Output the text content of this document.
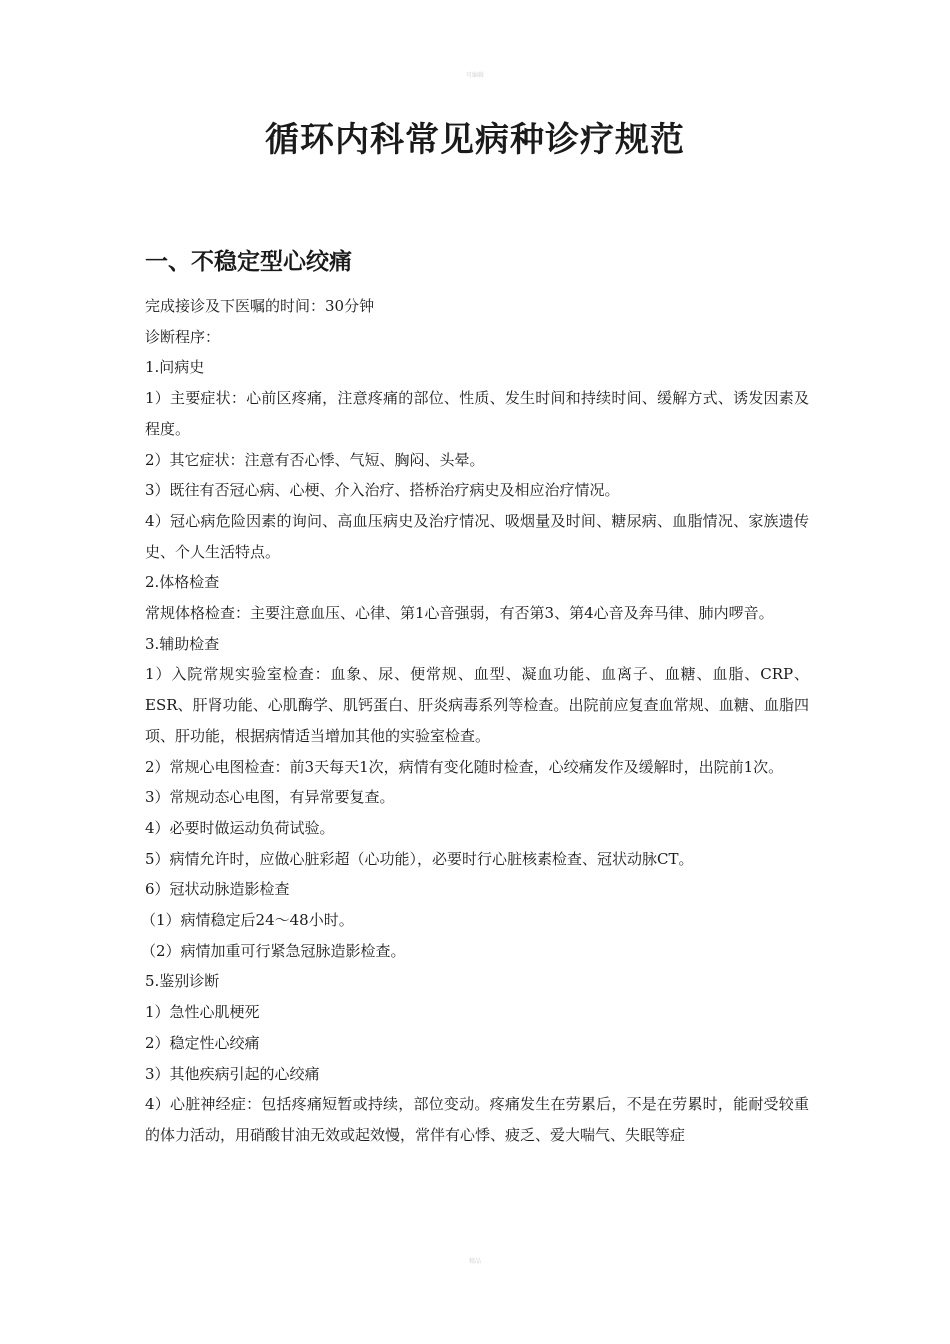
可编辑
循环内科常见病种诊疗规范
一、不稳定型心绞痛

完成接诊及下医嘱的时间：30分钟

诊断程序：

1.问病史

1）主要症状：心前区疼痛，注意疼痛的部位、性质、发生时间和持续时间、缓解方式、诱发因素及程度。

2）其它症状：注意有否心悸、气短、胸闷、头晕。

3）既往有否冠心病、心梗、介入治疗、搭桥治疗病史及相应治疗情况。

4）冠心病危险因素的询问、高血压病史及治疗情况、吸烟量及时间、糖尿病、血脂情况、家族遗传史、个人生活特点。

2.体格检查

常规体格检查：主要注意血压、心律、第1心音强弱，有否第3、第4心音及奔马律、肺内啰音。

3.辅助检查

1）入院常规实验室检查：血象、尿、便常规、血型、凝血功能、血离子、血糖、血脂、CRP、ESR、肝肾功能、心肌酶学、肌钙蛋白、肝炎病毒系列等检查。出院前应复查血常规、血糖、血脂四项、肝功能，根据病情适当增加其他的实验室检查。

2）常规心电图检查：前3天每天1次，病情有变化随时检查，心绞痛发作及缓解时，出院前1次。

3）常规动态心电图，有异常要复查。

4）必要时做运动负荷试验。

5）病情允许时，应做心脏彩超（心功能），必要时行心脏核素检查、冠状动脉CT。

6）冠状动脉造影检查

（1）病情稳定后24～48小时。

（2）病情加重可行紧急冠脉造影检查。

5.鉴别诊断

1）急性心肌梗死

2）稳定性心绞痛

3）其他疾病引起的心绞痛

4）心脏神经症：包括疼痛短暂或持续，部位变动。疼痛发生在劳累后，不是在劳累时，能耐受较重的体力活动，用硝酸甘油无效或起效慢，常伴有心悸、疲乏、爱大喘气、失眠等症

精品
